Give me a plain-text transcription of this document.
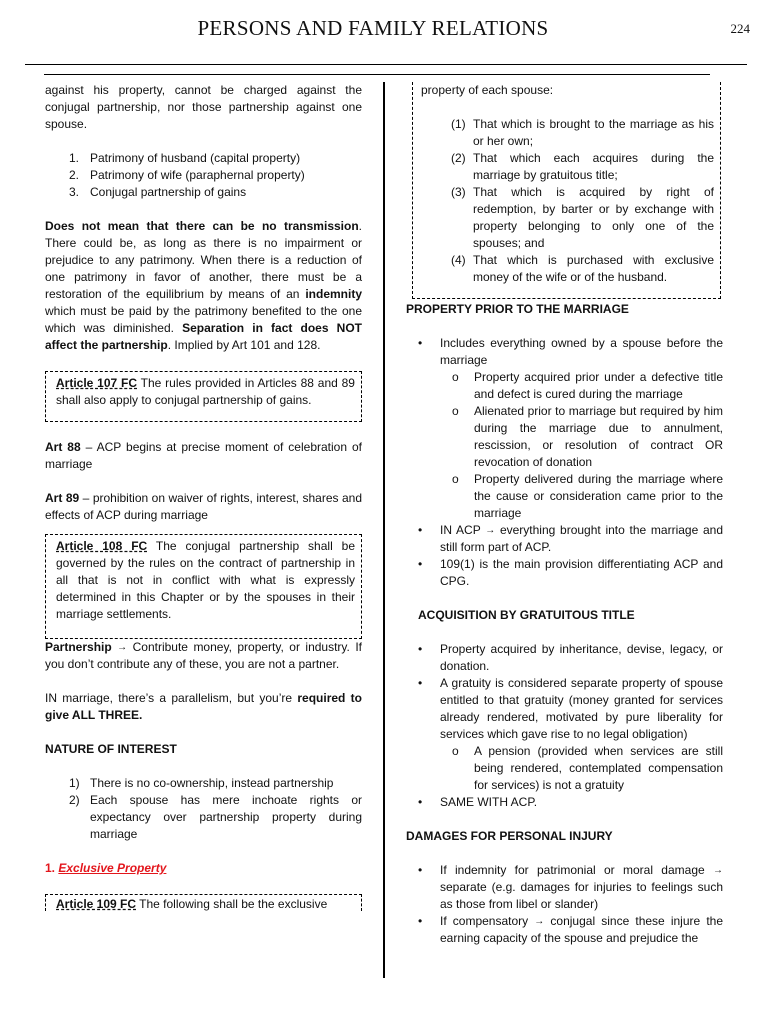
PERSONS AND FAMILY RELATIONS	224

against his property, cannot be charged against the conjugal partnership, nor those partnership against one spouse.

1. Patrimony of husband (capital property)
2. Patrimony of wife (paraphernal property)
3. Conjugal partnership of gains

Does not mean that there can be no transmission. There could be, as long as there is no impairment or prejudice to any patrimony. When there is a reduction of one patrimony in favor of another, there must be a restoration of the equilibrium by means of an indemnity which must be paid by the patrimony benefited to the one which was diminished. Separation in fact does NOT affect the partnership. Implied by Art 101 and 128.

Article 107 FC The rules provided in Articles 88 and 89 shall also apply to conjugal partnership of gains.

Art 88 – ACP begins at precise moment of celebration of marriage

Art 89 – prohibition on waiver of rights, interest, shares and effects of ACP during marriage

Article 108 FC The conjugal partnership shall be governed by the rules on the contract of partnership in all that is not in conflict with what is expressly determined in this Chapter or by the spouses in their marriage settlements.

Partnership → Contribute money, property, or industry. If you don’t contribute any of these, you are not a partner.

IN marriage, there’s a parallelism, but you’re required to give ALL THREE.

NATURE OF INTEREST

1) There is no co-ownership, instead partnership
2) Each spouse has mere inchoate rights or expectancy over partnership property during marriage

1. Exclusive Property

Article 109 FC The following shall be the exclusive

property of each spouse:

(1) That which is brought to the marriage as his or her own;
(2) That which each acquires during the marriage by gratuitous title;
(3) That which is acquired by right of redemption, by barter or by exchange with property belonging to only one of the spouses; and
(4) That which is purchased with exclusive money of the wife or of the husband.

PROPERTY PRIOR TO THE MARRIAGE

• Includes everything owned by a spouse before the marriage
o Property acquired prior under a defective title and defect is cured during the marriage
o Alienated prior to marriage but required by him during the marriage due to annulment, rescission, or resolution of contract OR revocation of donation
o Property delivered during the marriage where the cause or consideration came prior to the marriage
• IN ACP → everything brought into the marriage and still form part of ACP.
• 109(1) is the main provision differentiating ACP and CPG.

ACQUISITION BY GRATUITOUS TITLE

• Property acquired by inheritance, devise, legacy, or donation.
• A gratuity is considered separate property of spouse entitled to that gratuity (money granted for services already rendered, motivated by pure liberality for services which gave rise to no legal obligation)
o A pension (provided when services are still being rendered, contemplated compensation for services) is not a gratuity
• SAME WITH ACP.

DAMAGES FOR PERSONAL INJURY

• If indemnity for patrimonial or moral damage → separate (e.g. damages for injuries to feelings such as those from libel or slander)
• If compensatory → conjugal since these injure the earning capacity of the spouse and prejudice the
